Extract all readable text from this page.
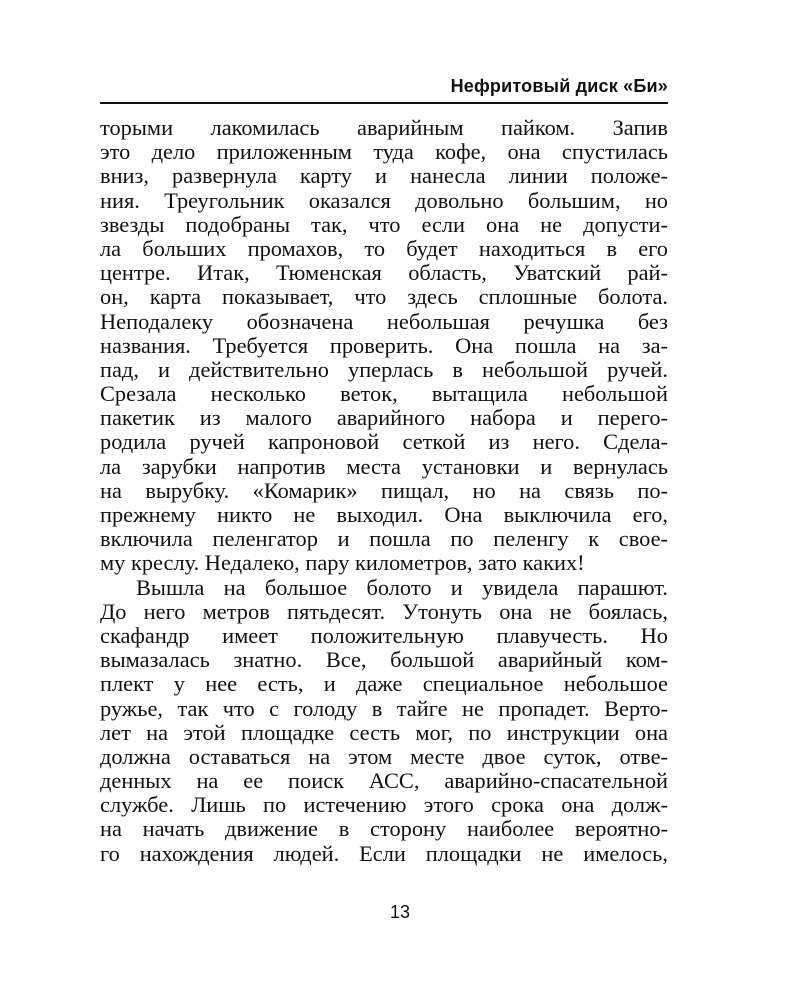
Нефритовый диск «Би»
торыми лакомилась аварийным пайком. Запив
это дело приложенным туда кофе, она спустилась
вниз, развернула карту и нанесла линии положе-
ния. Треугольник оказался довольно большим, но
звезды подобраны так, что если она не допусти-
ла больших промахов, то будет находиться в его
центре. Итак, Тюменская область, Уватский рай-
он, карта показывает, что здесь сплошные болота.
Неподалеку обозначена небольшая речушка без
названия. Требуется проверить. Она пошла на за-
пад, и действительно уперлась в небольшой ручей.
Срезала несколько веток, вытащила небольшой
пакетик из малого аварийного набора и перего-
родила ручей капроновой сеткой из него. Сдела-
ла зарубки напротив места установки и вернулась
на вырубку. «Комарик» пищал, но на связь по-
прежнему никто не выходил. Она выключила его,
включила пеленгатор и пошла по пеленгу к свое-
му креслу. Недалеко, пару километров, зато каких!
Вышла на большое болото и увидела парашют.
До него метров пятьдесят. Утонуть она не боялась,
скафандр имеет положительную плавучесть. Но
вымазалась знатно. Все, большой аварийный ком-
плект у нее есть, и даже специальное небольшое
ружье, так что с голоду в тайге не пропадет. Верто-
лет на этой площадке сесть мог, по инструкции она
должна оставаться на этом месте двое суток, отве-
денных на ее поиск АСС, аварийно-спасательной
службе. Лишь по истечению этого срока она долж-
на начать движение в сторону наиболее вероятно-
го нахождения людей. Если площадки не имелось,
13
